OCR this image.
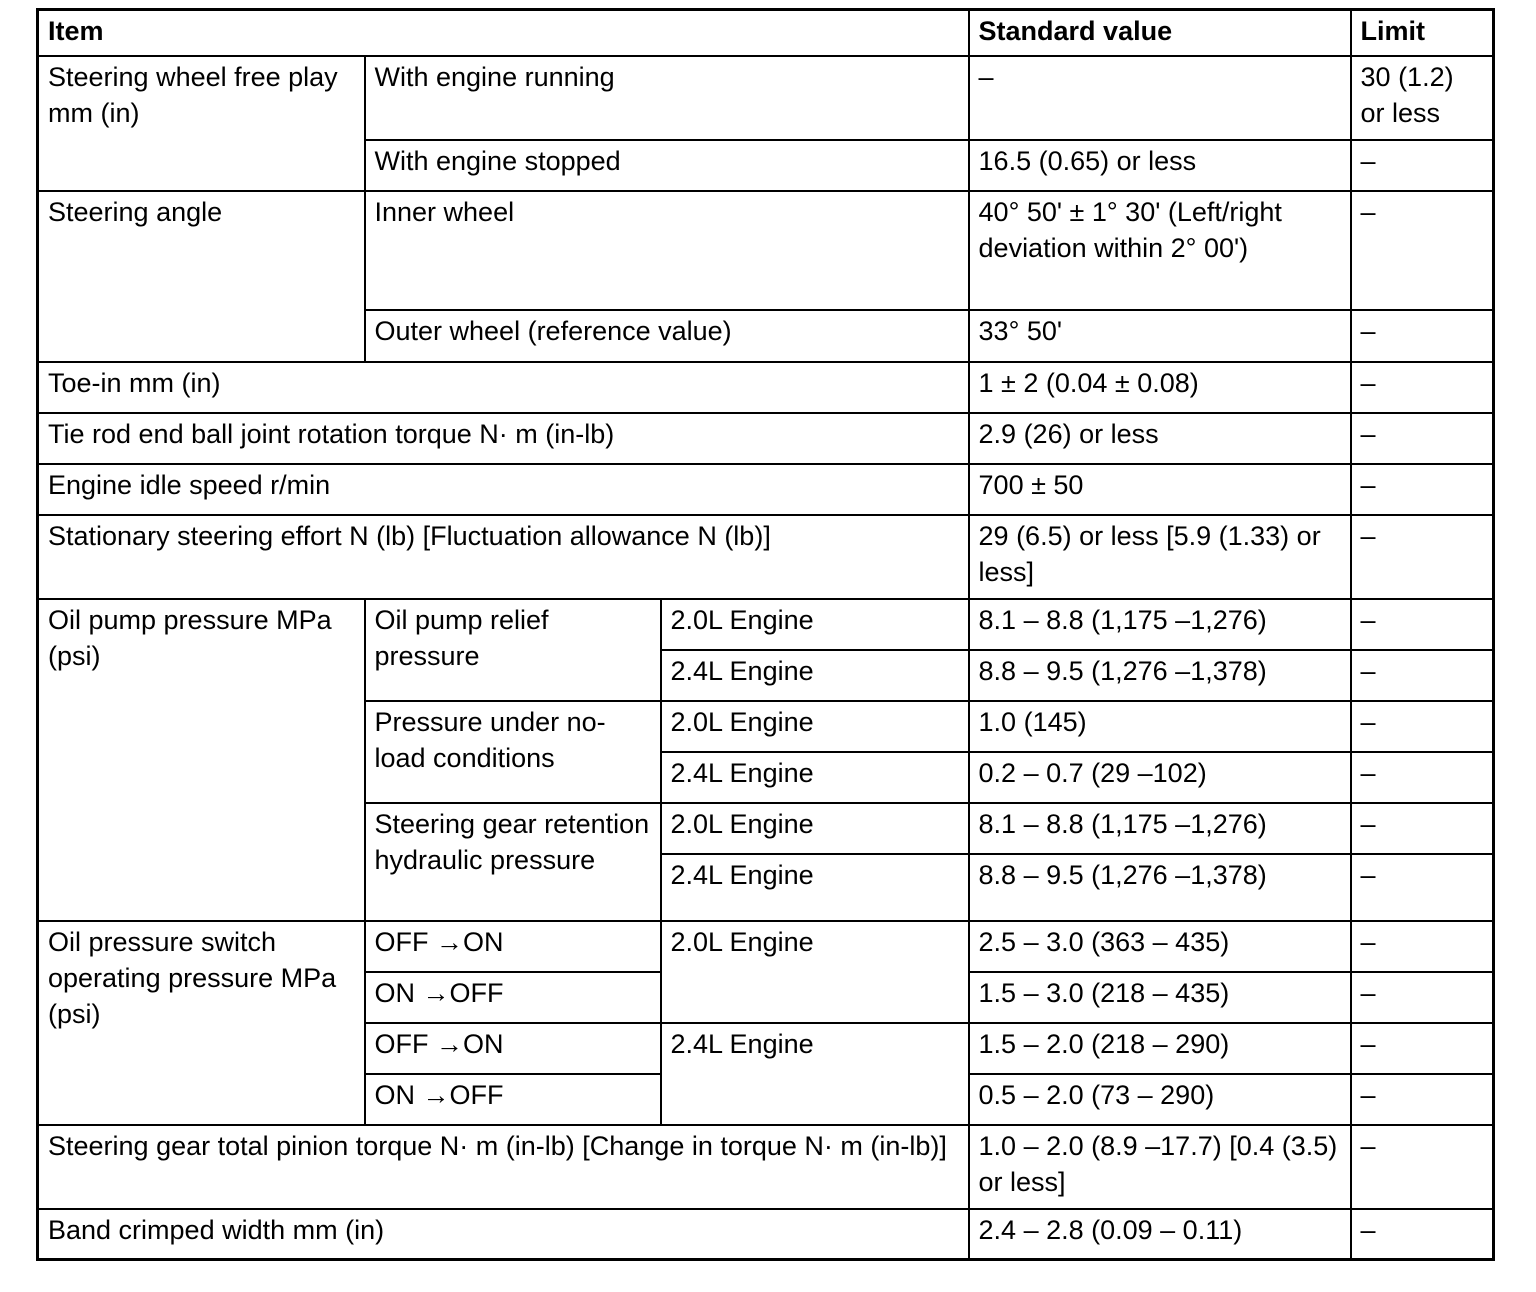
Item			Standard value	Limit
Steering wheel free play mm (in)	With engine running		–	30 (1.2) or less
	With engine stopped		16.5 (0.65) or less	–
Steering angle	Inner wheel		40° 50' ± 1° 30' (Left/right deviation within 2° 00')	–
	Outer wheel (reference value)		33° 50'	–
Toe-in mm (in)			1 ± 2 (0.04 ± 0.08)	–
Tie rod end ball joint rotation torque N· m (in-lb)			2.9 (26) or less	–
Engine idle speed r/min			700 ± 50	–
Stationary steering effort N (lb) [Fluctuation allowance N (lb)]			29 (6.5) or less [5.9 (1.33) or less]	–
Oil pump pressure MPa (psi)	Oil pump relief pressure	2.0L Engine	8.1 – 8.8 (1,175 –1,276)	–
		2.4L Engine	8.8 – 9.5 (1,276 –1,378)	–
	Pressure under no-load conditions	2.0L Engine	1.0 (145)	–
		2.4L Engine	0.2 – 0.7 (29 –102)	–
	Steering gear retention hydraulic pressure	2.0L Engine	8.1 – 8.8 (1,175 –1,276)	–
		2.4L Engine	8.8 – 9.5 (1,276 –1,378)	–
Oil pressure switch operating pressure MPa (psi)	OFF →ON	2.0L Engine	2.5 – 3.0 (363 – 435)	–
	ON →OFF		1.5 – 3.0 (218 – 435)	–
	OFF →ON	2.4L Engine	1.5 – 2.0 (218 – 290)	–
	ON →OFF		0.5 – 2.0 (73 – 290)	–
Steering gear total pinion torque N· m (in-lb) [Change in torque N· m (in-lb)]			1.0 – 2.0 (8.9 –17.7) [0.4 (3.5) or less]	–
Band crimped width mm (in)			2.4 – 2.8 (0.09 – 0.11)	–
